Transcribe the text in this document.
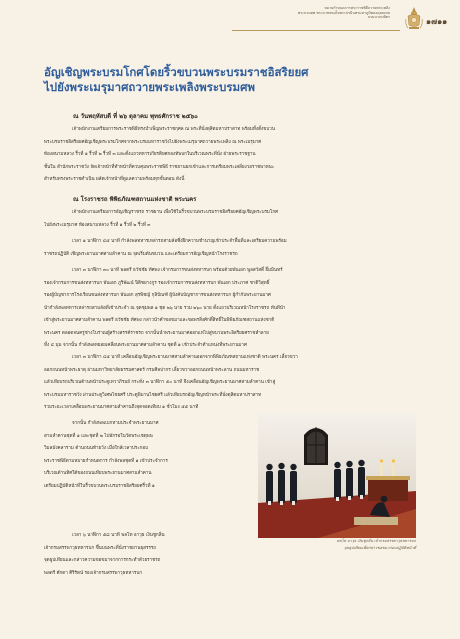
หมายกำหนดการพระราชพิธีถวายพระเพลิง
พระบรมศพ พระบาทสมเด็จพระปรมินทรมหาภูมิพลอดุลยเดช
บรมนาถบพิตร	๑๗๑๑
อัญเชิญพระบรมโกศโดยริ้วขบวนพระบรมราชอิสริยยศ
ไปยังพระเมรุมาศถวายพระเพลิงพระบรมศพ
ณ วันพฤหัสบดี ที่ ๒๖ ตุลาคม พุทธศักราช ๒๕๖๐
เจ้าพนักงานเตรียมการพระราชพิธีทรงบำเพ็ญพระราชกุศล ณ พระที่นั่งดุสิตมหาปราสาท พร้อมทั้งตั้งขบวน
พระบรมราชอิสริยยศอัญเชิญพระบรมโกศจากพระบรมมหาราชวังไปยังพระเมรุมาศถวายพระเพลิง ณ พระเมรุมาศ
ท้องสนามหลวง ริ้วที่ ๑ ริ้วที่ ๒ ริ้วที่ ๓ และตั้งแถวทหารเกียรติยศกองทัพบกในบริเวณพระที่นั่ง ฝ่ายพระราชฐาน
ชั้นใน สำนักพระราชวัง จัดเจ้าหน้าที่ทำหน้าที่ควบคุมพระราชพิธี ราชยานยกเข้าและการเตรียมพระเสลี่ยงวอราชพาหนะ
สำหรับทรงพระราชดำเนิน ผลัดเจ้าหน้าที่ดูแลความพร้อมทุกขั้นตอน ดังนี้
ณ โรงราชรถ พิพิธภัณฑสถานแห่งชาติ พระนคร
เจ้าพนักงานเตรียมการอัญเชิญราชรถ ราชยาน เพื่อใช้ในริ้วขบวนพระบรมราชอิสริยยศอัญเชิญพระบรมโกศ
ไปยังพระเมรุมาศ ท้องสนามหลวง ริ้วที่ ๑ ริ้วที่ ๒ ริ้วที่ ๓
เวลา ๑ นาฬิกา ๔๕ นาที กำลังพลทหารเหล่ารถสามล้อซึ่งฝึกความชำนาญเข้าประจำพื้นที่และเตรียมความพร้อม
ราชรถปฏิบัติ เชิญพระยานมาศสามลำคาน ณ จุดเริ่มต้นขบวน และเตรียมการอัญเชิญหน้าโรงราชรถ
เวลา ๓ นาฬิกา ๓๐ นาที พลตรี ธวัชชัย ทัศพง เจ้ากรมการขนส่งทหารบก พร้อมด้วยพันเอก พูลสวัสดิ์ ยิ้มมินทร์
รองเจ้ากรมการขนส่งทหารบก พันเอก ภูริพัฒน์ ปิติชยางกูร รองเจ้ากรมการขนส่งทหารบก พันเอก ประภาศ ชาติวิสุทธิ์
รองผู้บัญชาการโรงเรียนขนส่งทหารบก พันเอก สุรพิชญ์ กุลิปัณฑ์ ผู้บังคับบัญชาการขนส่งทหารบก ผู้กำกับพระยานมาศ
นำกำลังพลทหารเหล่ารถสามล้อที่เข้าประจำ ณ จุดชุมพล ๑ ชุด ๒๖ นาย รวม ๒๖๐ นาย ตั้งแถวบริเวณหน้าโรงราชรถ ทันทีนำ
เข้าสู่พระยานมาศสามลำคาน พลตรี ธวัชชัย ทัศพง กล่าวนำคำขอขมาและขอพรสิ่งศักดิ์สิทธิ์ในพิพิธภัณฑสถานแห่งชาติ
พระนคร ตลอดจนครูช่างโบราณผู้สร้างสรรค์ราชรถ จากนั้นนำพระยานมาศออกแห่ไปสู่ขบวนพระอิสริยยศราชลำลาย
ทั้ง ๔ มุม จากนั้น กำลังพลทยอยเคลื่อนพระยานมาศสามลำคาน ชุดที่ ๑ เข้าประจำตำแหน่งที่พระยานมาศ
เวลา ๓ นาฬิกา ๔๕ นาที เคลื่อนอัญเชิญพระยานมาศสามลำคานออกจากพิพิธภัณฑสถานแห่งชาติ พระนคร เลี้ยวขวา
ออกถนนหน้าพระธาตุ ผ่านมหาวิทยาลัยธรรมศาสตร์ กรมศิลปากร เลี้ยวขวาออกถนนหน้าพระลาน ถนนมหาราช
แล้วเทียบรถบริเวณด้านหน้าประตูเทวาภิรมย์ กระทั่ง ๓ นาฬิกา ๕๐ นาที จึงเคลื่อนอัญเชิญพระยานมาศสามลำคาน เข้าสู่
พระบรมมหาราชวัง ผ่านประตูวิเศษไชยศรี ประตูพิมานไชยศรี แล้วเทียบรถอัญเชิญหน้าพระที่นั่งดุสิตมหาปราสาท
รวมระยะเวลาเคลื่อนพระยานมาศสามลำคานถึงจุดจอดเทียบ ๑ ชั่วโมง ๕๕ นาที
จากนั้น กำลังพลแบกหามประจำพระยานมาศ
สามลำคานชุดที่ ๑ และชุดที่ ๒ ไปพักรอในวัดพระเชตุพน
วิมลมังคลาราม ด้านถนนท้ายวัง เมื่อใกล้เวลาประกอบ
พระราชพิธีตามหมายกำหนดการ กำลังพลชุดที่ ๑ เข้าประจำการ
บริเวณด้านทิศใต้ของถนนเทียบพระยานมาศสามลำคาน
เตรียมปฏิบัติหน้าที่ในริ้วขบวนพระบรมราชอิสริยยศริ้วที่ ๑
เวลา ๖ นาฬิกา ๕๘ นาที พลโท อาวุธ เงินชูกลิ่น
เจ้ากรมสรรพาวุธทหารบก ขึ้นบนพระที่นั่งราชยานธุสรรรถ
จุดธูปเทียนและกล่าวความขอขมาจากการกระทำด้วยราชรถ
พลตรี ศักดา ศิริรัตน์ รองเจ้ากรมสรรพาวุธทหารบก
พลโท อาวุธ เงินชูกลิ่น เจ้ากรมสรรพาวุธทหารบก
จุดธูปเทียนเพื่อกล่าวขอขมาก่อนปฏิบัติหน้าที่
